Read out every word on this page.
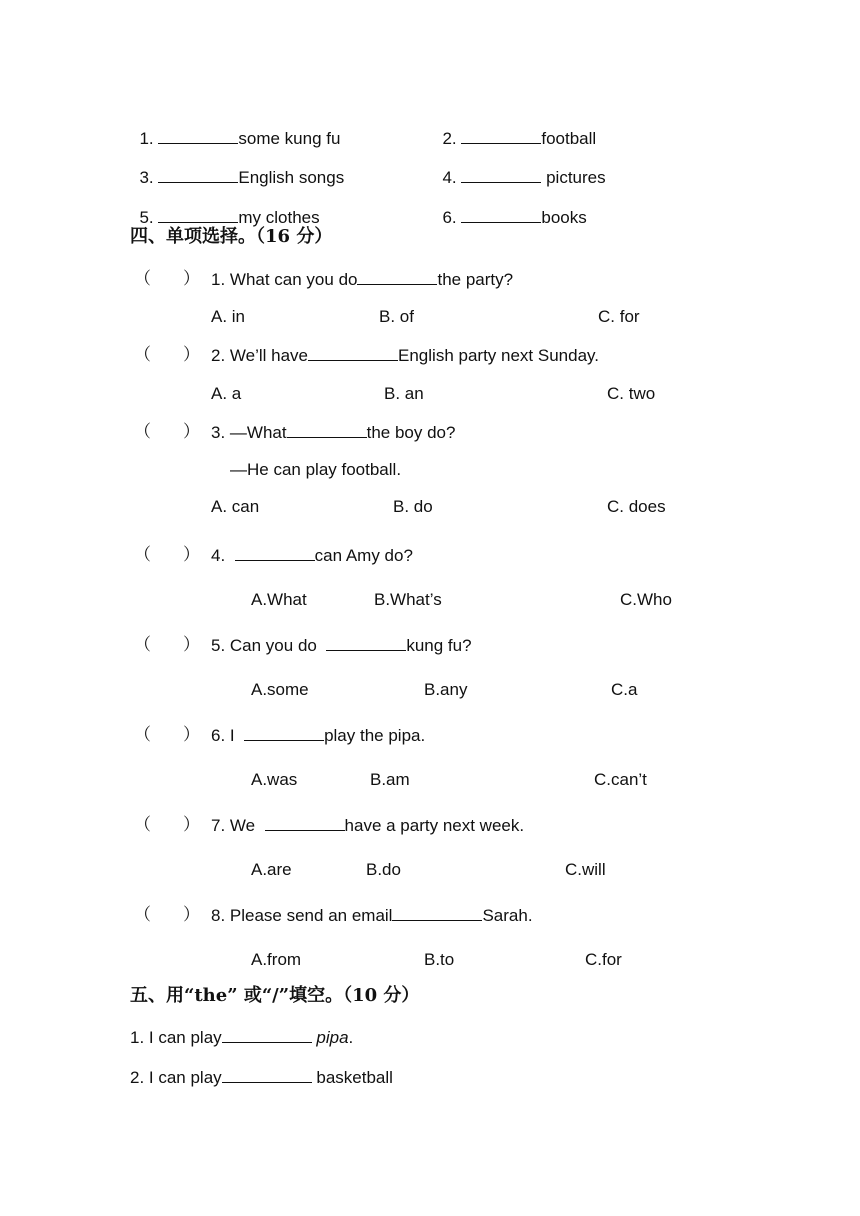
1.	some kung fu	2.	football

3.	English songs	4.	pictures

5.	my clothes	6.	books

四、单项选择。（16 分）
（ ） 1. What can you do	the party?
A. in	B. of	C. for
（ ） 2. We’ll have	English party next Sunday.
A. a	B. an	C. two
（ ） 3. —What	the boy do?
—He can play football.
A. can	B. do	C. does
（ ） 4.	can Amy do?
A.What	B.What’s	C.Who
（ ） 5. Can you do	kung fu?
A.some	B.any	C.a
（ ） 6. I	play the pipa.
A.was	B.am	C.can’t
（ ） 7. We	have a party next week.
A.are	B.do	C.will
（ ） 8. Please send an email	Sarah.
A.from	B.to	C.for
五、用“the” 或“/”填空。（10 分）
1. I can play	pipa.
2. I can play	basketball
